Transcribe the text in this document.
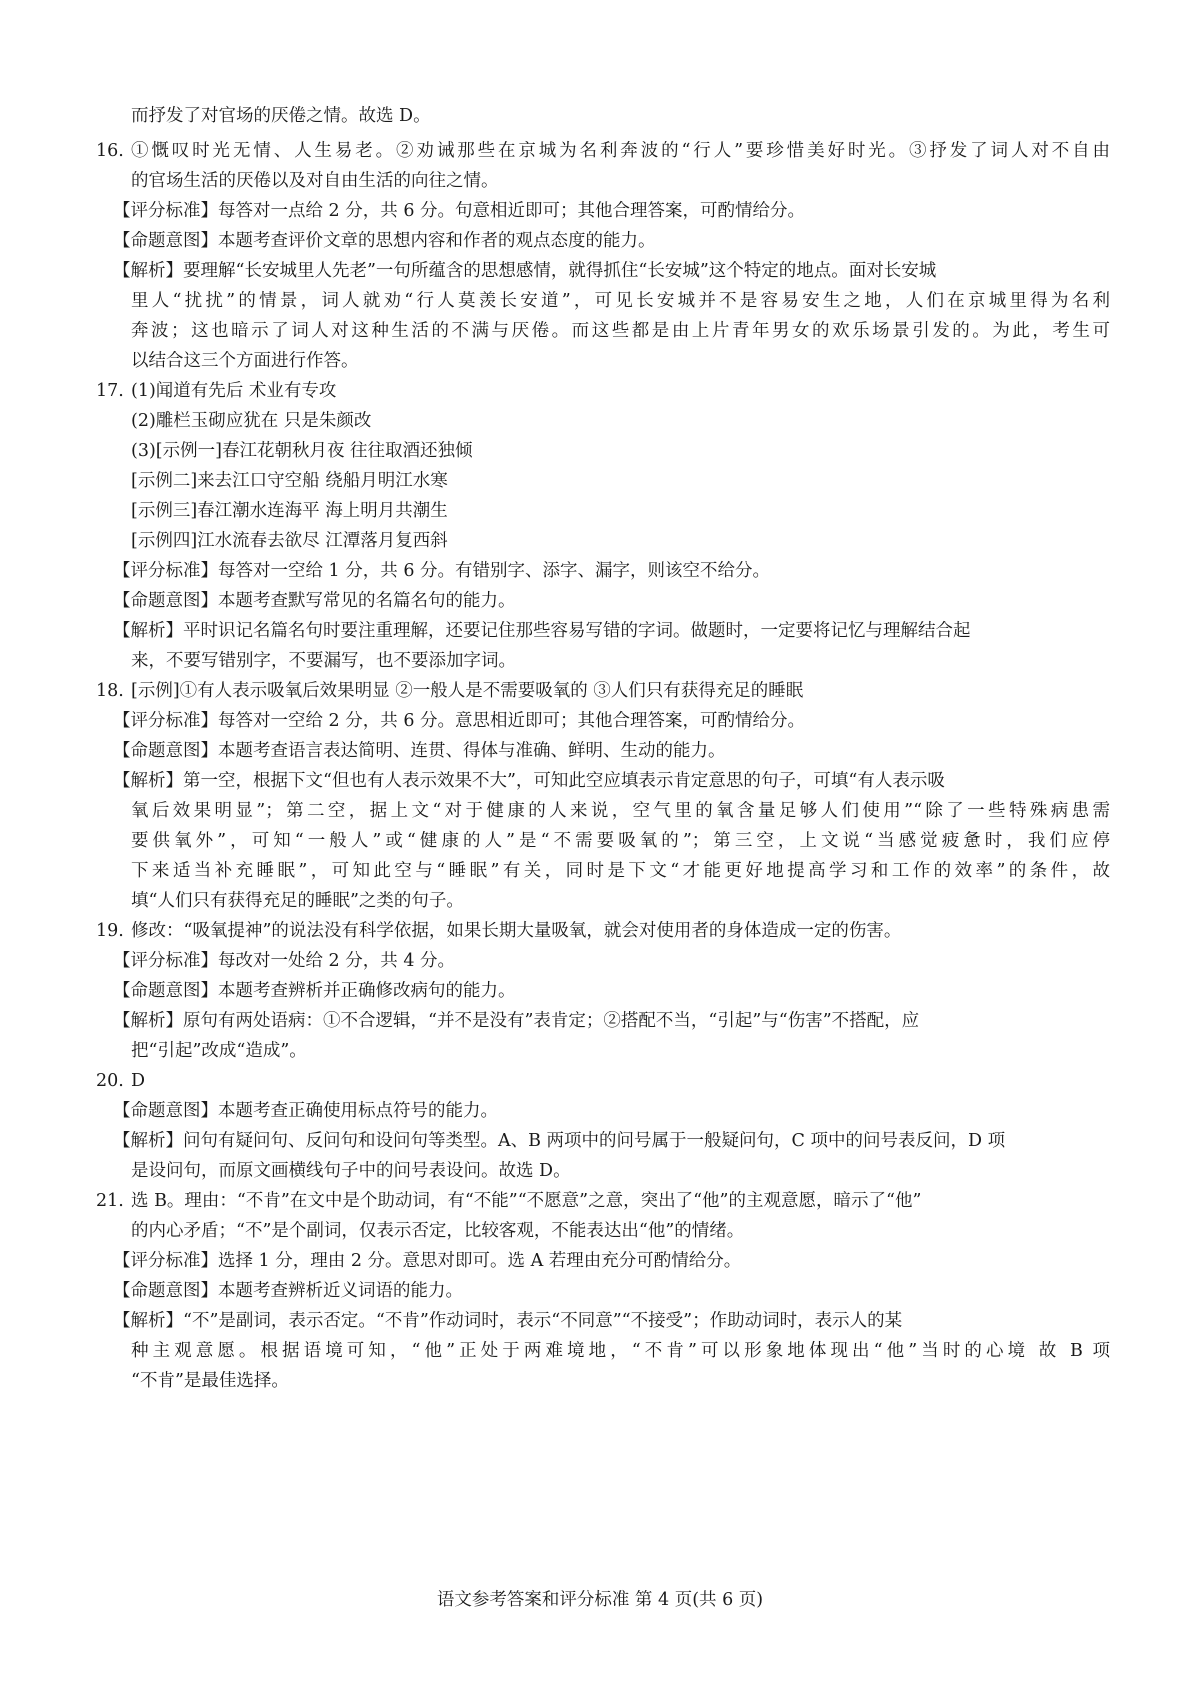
而抒发了对官场的厌倦之情。故选 D。
16. ①慨叹时光无情、人生易老。②劝诫那些在京城为名利奔波的“行人”要珍惜美好时光。③抒发了词人对不自由
的官场生活的厌倦以及对自由生活的向往之情。
【评分标准】每答对一点给 2 分，共 6 分。句意相近即可；其他合理答案，可酌情给分。
【命题意图】本题考查评价文章的思想内容和作者的观点态度的能力。
【解析】要理解“长安城里人先老”一句所蕴含的思想感情，就得抓住“长安城”这个特定的地点。面对长安城
里人“扰扰”的情景，词人就劝“行人莫羡长安道”，可见长安城并不是容易安生之地，人们在京城里得为名利
奔波；这也暗示了词人对这种生活的不满与厌倦。而这些都是由上片青年男女的欢乐场景引发的。为此，考生可
以结合这三个方面进行作答。
17. (1)闻道有先后 术业有专攻
(2)雕栏玉砌应犹在 只是朱颜改
(3)[示例一]春江花朝秋月夜 往往取酒还独倾
[示例二]来去江口守空船 绕船月明江水寒
[示例三]春江潮水连海平 海上明月共潮生
[示例四]江水流春去欲尽 江潭落月复西斜
【评分标准】每答对一空给 1 分，共 6 分。有错别字、添字、漏字，则该空不给分。
【命题意图】本题考查默写常见的名篇名句的能力。
【解析】平时识记名篇名句时要注重理解，还要记住那些容易写错的字词。做题时，一定要将记忆与理解结合起
来，不要写错别字，不要漏写，也不要添加字词。
18. [示例]①有人表示吸氧后效果明显 ②一般人是不需要吸氧的 ③人们只有获得充足的睡眠
【评分标准】每答对一空给 2 分，共 6 分。意思相近即可；其他合理答案，可酌情给分。
【命题意图】本题考查语言表达简明、连贯、得体与准确、鲜明、生动的能力。
【解析】第一空，根据下文“但也有人表示效果不大”，可知此空应填表示肯定意思的句子，可填“有人表示吸
氧后效果明显”；第二空，据上文“对于健康的人来说，空气里的氧含量足够人们使用”“除了一些特殊病患需
要供氧外”，可知“一般人”或“健康的人”是“不需要吸氧的”；第三空，上文说“当感觉疲惫时，我们应停
下来适当补充睡眠”，可知此空与“睡眠”有关，同时是下文“才能更好地提高学习和工作的效率”的条件，故
填“人们只有获得充足的睡眠”之类的句子。
19. 修改：“吸氧提神”的说法没有科学依据，如果长期大量吸氧，就会对使用者的身体造成一定的伤害。
【评分标准】每改对一处给 2 分，共 4 分。
【命题意图】本题考查辨析并正确修改病句的能力。
【解析】原句有两处语病：①不合逻辑，“并不是没有”表肯定；②搭配不当，“引起”与“伤害”不搭配，应
把“引起”改成“造成”。
20. D
【命题意图】本题考查正确使用标点符号的能力。
【解析】问句有疑问句、反问句和设问句等类型。A、B 两项中的问号属于一般疑问句，C 项中的问号表反问，D 项
是设问句，而原文画横线句子中的问号表设问。故选 D。
21. 选 B。理由：“不肯”在文中是个助动词，有“不能”“不愿意”之意，突出了“他”的主观意愿，暗示了“他”
的内心矛盾；“不”是个副词，仅表示否定，比较客观，不能表达出“他”的情绪。
【评分标准】选择 1 分，理由 2 分。意思对即可。选 A 若理由充分可酌情给分。
【命题意图】本题考查辨析近义词语的能力。
【解析】“不”是副词，表示否定。“不肯”作动词时，表示“不同意”“不接受”；作助动词时，表示人的某
种主观意愿。根据语境可知，“他”正处于两难境地，“不肯”可以形象地体现出“他”当时的心境 故 B 项
“不肯”是最佳选择。
语文参考答案和评分标准 第 4 页(共 6 页)
